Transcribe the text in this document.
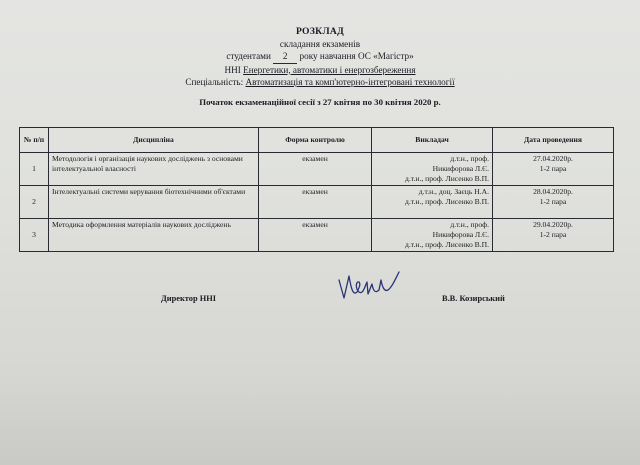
РОЗКЛАД
складання екзаменів
студентами 2 року навчання ОС «Магістр»
ННІ Енергетики, автоматики і енергозбереження
Спеціальність: Автоматизація та комп'ютерно-інтегровані технології
Початок екзаменаційної сесії з 27 квітня по 30 квітня 2020 р.
№ п/п	Дисципліна	Форма контролю	Викладач	Дата проведення
1	Методологія і організація наукових досліджень з основами інтелектуальної власності	екзамен	д.т.н., проф.
Никифорова Л.Є.
д.т.н., проф. Лисенко В.П.	27.04.2020р.
1-2 пара

2	Інтелектуальні системи керування біотехнічними об'єктами	екзамен	д.т.н., доц. Заєць Н.А.
д.т.н., проф. Лисенко В.П.	28.04.2020р.
1-2 пара

3	Методика оформлення матеріалів наукових досліджень	екзамен	д.т.н., проф.
Никифорова Л.Є.
д.т.н., проф. Лисенко В.П.	29.04.2020р.
1-2 пара
Директор ННІ	В.В. Козирський
